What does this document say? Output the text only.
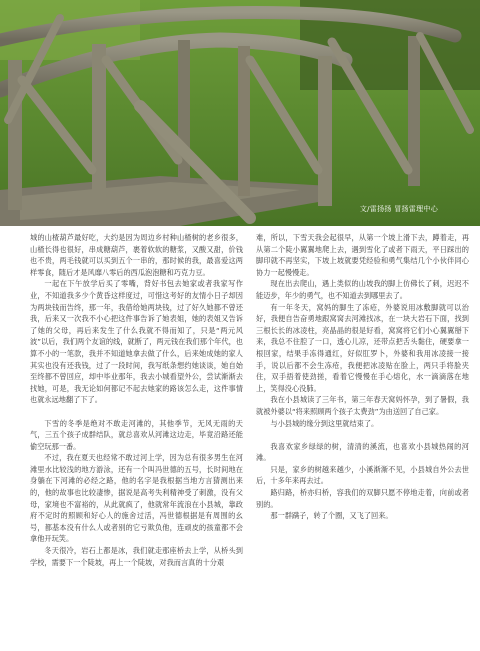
文/雷扬扬 冒扬雷理中心

城的山楂葫芦最好吃，大约是因为周边乡村种山楂树的老乡很多，山楂长得也很好，串成糖葫芦，裹着软软的糖浆，又酸又甜，价钱也不贵，两毛钱就可以买到五个一串的，那时候的我，最喜爱这两样零食，随后才是风靡八零后的西瓜泡泡糖和巧克力豆。

一起在下午放学后买了零嘴，背好书包去她家或者我家写作业，不知道我多少个黄昏这样度过，可惜这考好的友情小日子却因为两块钱而告终，那一年，我借给她两块钱，过了好久她都不曾还我，后来又一次我不小心把这件事告诉了她表姐，她的表姐又告诉了她的父母，再后来发生了什么我就不得而知了，只是“两元风波”以后，我们两个友谊的线，就断了，两元钱在我们那个年代，也算不小的一笔款，我并不知道她拿去做了什么，后来她成她的家人其实也没有还我钱，过了一段时间，我写纸条想约她谈谈，她自始至终都不曾回应，却中毕业那年，我去小城看望外公，尝试渐渐去找她，可是，我无论如何都记不起去她家的路该怎么走，这件事情也就永远地翻了下了。

下雪的冬季是绝对不敢走河滩的，其他季节，无风无雨的天气，三五个孩子成群结队，就总喜欢从河滩这边走，毕竟沿路还能偷空玩那一番。

不过，我在夏天也经常不敢过河上学，因为总有很多男生在河滩里水比较浅的地方游泳，还有一个叫冯世德的五号，长时间地在身躺在下河滩的必经之路，他的名字是我根据当地方言猜测出来的，他的故事也比较凄惨，据说是高考失利精神受了刺激，没有父母，家境也不富裕的，从此就疯了，他就常年流浪在小县城，靠政府不定时的照顾和好心人的施舍过活，冯世德根据是有周围的幺号，都基本没有什么人或者别的它亏欺负他，连顽皮的孩童都不会拿他开玩笑。

冬天很冷，岩石上都是冰，我们就走那座桥去上学，从桥头到学校，需要下一个陡坡，再上一个陡坡，对我而言真的十分艰

难，所以，下雪天我会起很早，从第一个坡上滑下去，蹲着走，再从第二个陡小翼翼地爬上去，遇到雪化了或者下雨天，平日踩出的脚印就不再坚实，下坡上坡就要凭经验和勇气集结几个小伙伴同心协力一起慢慢走。

现在出去爬山，遇上类似的山坡我的脚上仿佛长了刺，迟迟不能迈步，年少的勇气，也不知道去到哪里去了。

有一年冬天，窝妈的脚生了冻疮，外婆说用冰敷脚就可以治好，我便自告奋勇地跟窝窝去河滩找冰，在一块大岩石下面，找到三根长长的冰凌柱，亮晶晶的很是好看，窝窝将它们小心翼翼掰下来，我总不住腔了一口，透心儿凉，还带点把舌头黏住，硬要拿一根回家，结果手冻得通红，好似肛罗卜，外婆和我用冰凌接一接手，说以后都不会生冻疮，我便把冰凌贴在脸上，两只手将脸夹住，双手捂着使劲搓，看着它慢慢在手心熔化，水一滴滴落在地上，笑得没心没肺。

我在小县城读了三年书，第三年春天窝妈怀孕，到了暑假，我就被外婆以“将来照顾两个孩子太费劲”为由送回了自己家。

与小县城的缘分到这里就结束了。

我喜欢家乡绿绿的树，清清的溪流，也喜欢小县城热闹的河滩。

只是，家乡的树越来越少，小溪渐渐不见，小县城自外公去世后，十多年来再去过。

路归路，桥亦归桥，容我们的双脚只愿不停地走着，向前或者别的。

那一群蹒子，转了个圈，又飞了回来。
